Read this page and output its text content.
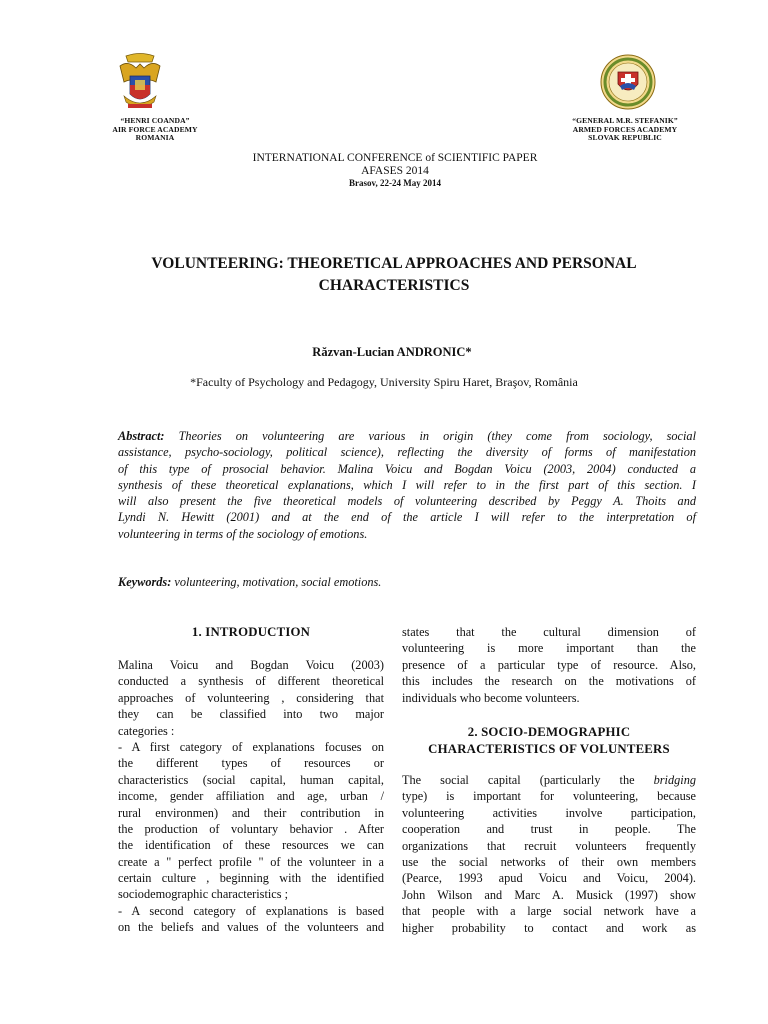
“HENRI COANDA”
AIR FORCE ACADEMY
ROMANIA
“GENERAL M.R. STEFANIK”
ARMED FORCES ACADEMY
SLOVAK REPUBLIC
INTERNATIONAL CONFERENCE of SCIENTIFIC PAPER
AFASES 2014
Brasov, 22-24 May 2014
VOLUNTEERING: THEORETICAL APPROACHES AND PERSONAL
CHARACTERISTICS
Răzvan-Lucian ANDRONIC*
*Faculty of Psychology and Pedagogy, University Spiru Haret, Braşov, România
Abstract: Theories on volunteering are various in origin (they come from sociology, social
assistance, psycho-sociology, political science), reflecting the diversity of forms of manifestation
of this type of prosocial behavior. Malina Voicu and Bogdan Voicu (2003, 2004) conducted a
synthesis of these theoretical explanations, which I will refer to in the first part of this section. I
will also present the five theoretical models of volunteering described by Peggy A. Thoits and
Lyndi N. Hewitt (2001) and at the end of the article I will refer to the interpretation of
volunteering in terms of the sociology of emotions.
Keywords: volunteering, motivation, social emotions.
1. INTRODUCTION
Malina Voicu and Bogdan Voicu (2003)
conducted a synthesis of different theoretical
approaches of volunteering , considering that
they can be classified into two major
categories :
- A first category of explanations focuses on
the different types of resources or
characteristics (social capital, human capital,
income, gender affiliation and age, urban /
rural environmen) and their contribution in
the production of voluntary behavior . After
the identification of these resources we can
create a " perfect profile " of the volunteer in a
certain culture , beginning with the identified
sociodemographic characteristics ;
- A second category of explanations is based
on the beliefs and values of the volunteers and
states that the cultural dimension of
volunteering is more important than the
presence of a particular type of resource. Also,
this includes the research on the motivations of
individuals who become volunteers.
2. SOCIO-DEMOGRAPHIC
CHARACTERISTICS OF VOLUNTEERS
The social capital (particularly the bridging
type) is important for volunteering, because
volunteering activities involve participation,
cooperation and trust in people. The
organizations that recruit volunteers frequently
use the social networks of their own members
(Pearce, 1993 apud Voicu and Voicu, 2004).
John Wilson and Marc A. Musick (1997) show
that people with a large social network have a
higher probability to contact and work as
